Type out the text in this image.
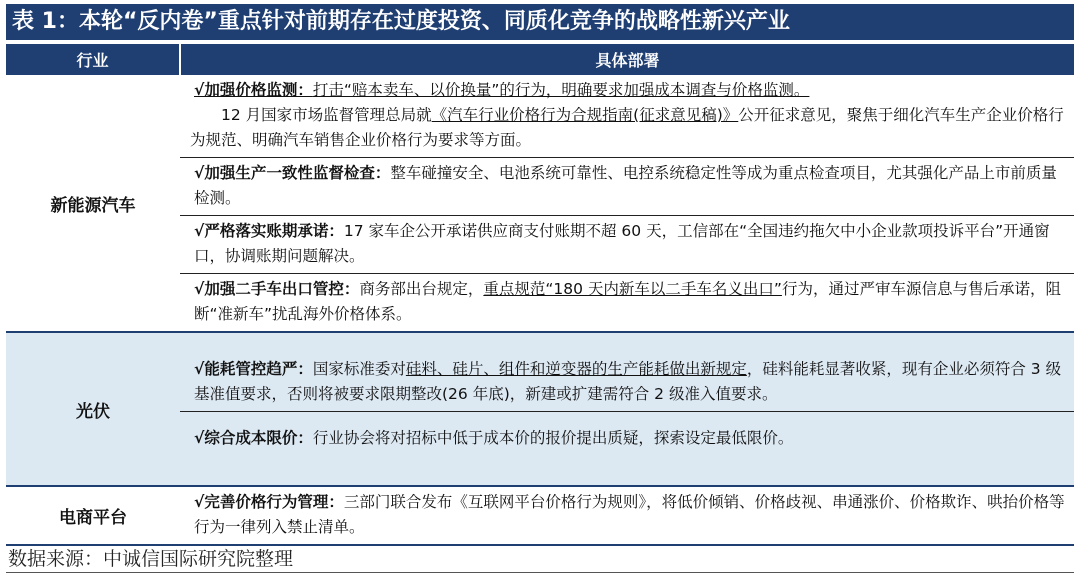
表 1：本轮“反内卷”重点针对前期存在过度投资、同质化竞争的战略性新兴产业
行业	具体部署
新能源汽车	√加强价格监测：打击“赔本卖车、以价换量”的行为，明确要求加强成本调查与价格监测。
12 月国家市场监督管理总局就《汽车行业价格行为合规指南(征求意见稿)》公开征求意见，聚焦于细化汽车生产企业价格行为规范、明确汽车销售企业价格行为要求等方面。
√加强生产一致性监督检查：整车碰撞安全、电池系统可靠性、电控系统稳定性等成为重点检查项目，尤其强化产品上市前质量检测。
√严格落实账期承诺：17 家车企公开承诺供应商支付账期不超 60 天，工信部在“全国违约拖欠中小企业款项投诉平台”开通窗口，协调账期问题解决。
√加强二手车出口管控：商务部出台规定，重点规范“180 天内新车以二手车名义出口”行为，通过严审车源信息与售后承诺，阻断“准新车”扰乱海外价格体系。

光伏	√能耗管控趋严：国家标准委对硅料、硅片、组件和逆变器的生产能耗做出新规定，硅料能耗显著收紧，现有企业必须符合 3 级基准值要求，否则将被要求限期整改(26 年底)，新建或扩建需符合 2 级准入值要求。
√综合成本限价：行业协会将对招标中低于成本价的报价提出质疑，探索设定最低限价。

电商平台	√完善价格行为管理：三部门联合发布《互联网平台价格行为规则》，将低价倾销、价格歧视、串通涨价、价格欺诈、哄抬价格等行为一律列入禁止清单。
数据来源：中诚信国际研究院整理
